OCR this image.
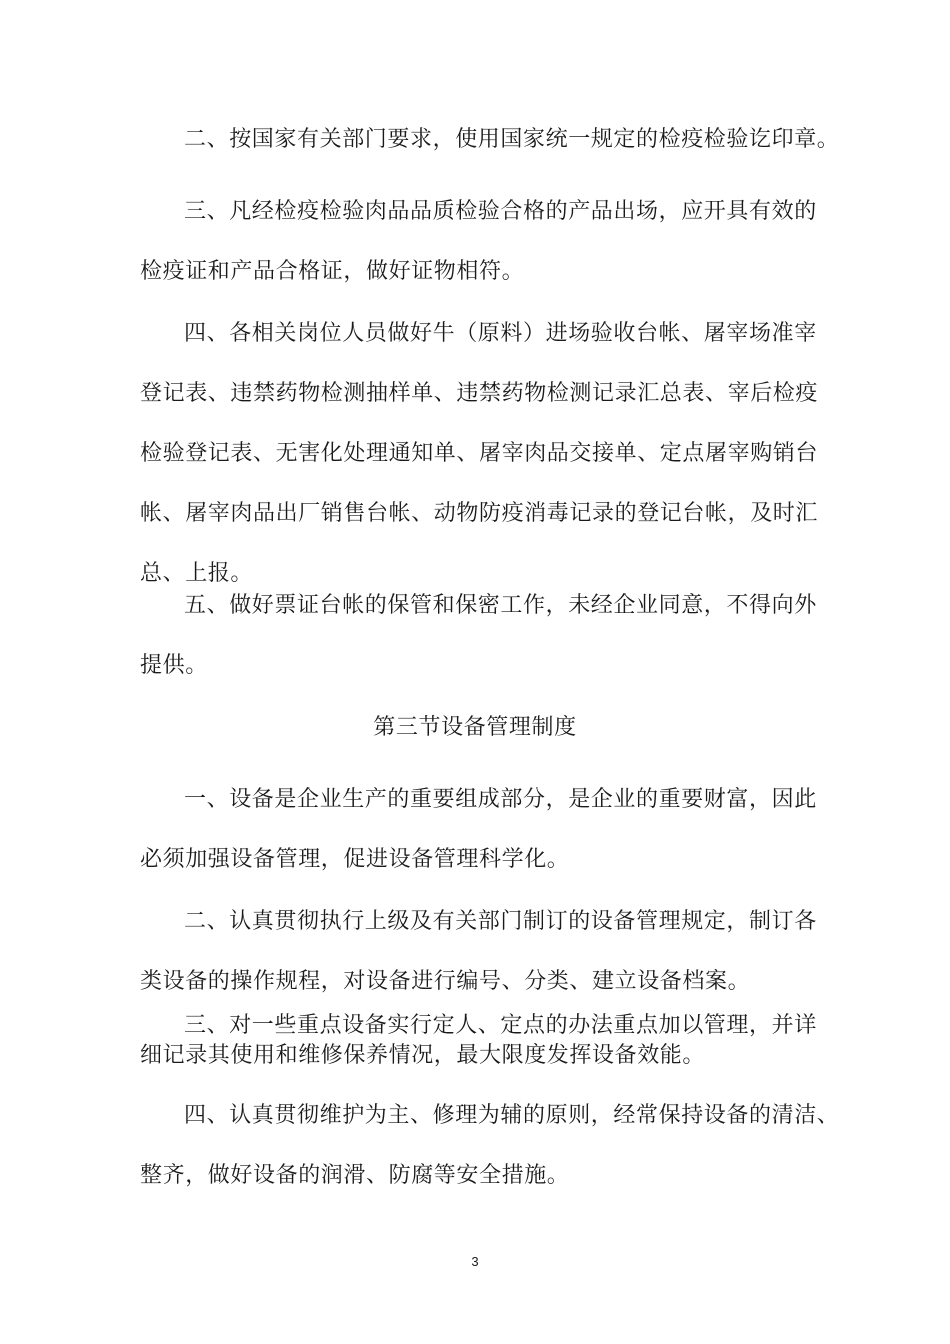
二、按国家有关部门要求，使用国家统一规定的检疫检验讫印章。

三、凡经检疫检验肉品品质检验合格的产品出场，应开具有效的
检疫证和产品合格证，做好证物相符。

四、各相关岗位人员做好牛（原料）进场验收台帐、屠宰场准宰
登记表、违禁药物检测抽样单、违禁药物检测记录汇总表、宰后检疫
检验登记表、无害化处理通知单、屠宰肉品交接单、定点屠宰购销台
帐、屠宰肉品出厂销售台帐、动物防疫消毒记录的登记台帐，及时汇
总、上报。

五、做好票证台帐的保管和保密工作，未经企业同意，不得向外
提供。

第三节设备管理制度

一、设备是企业生产的重要组成部分，是企业的重要财富，因此
必须加强设备管理，促进设备管理科学化。

二、认真贯彻执行上级及有关部门制订的设备管理规定，制订各
类设备的操作规程，对设备进行编号、分类、建立设备档案。

三、对一些重点设备实行定人、定点的办法重点加以管理，并详
细记录其使用和维修保养情况，最大限度发挥设备效能。

四、认真贯彻维护为主、修理为辅的原则，经常保持设备的清洁、
整齐，做好设备的润滑、防腐等安全措施。

3
